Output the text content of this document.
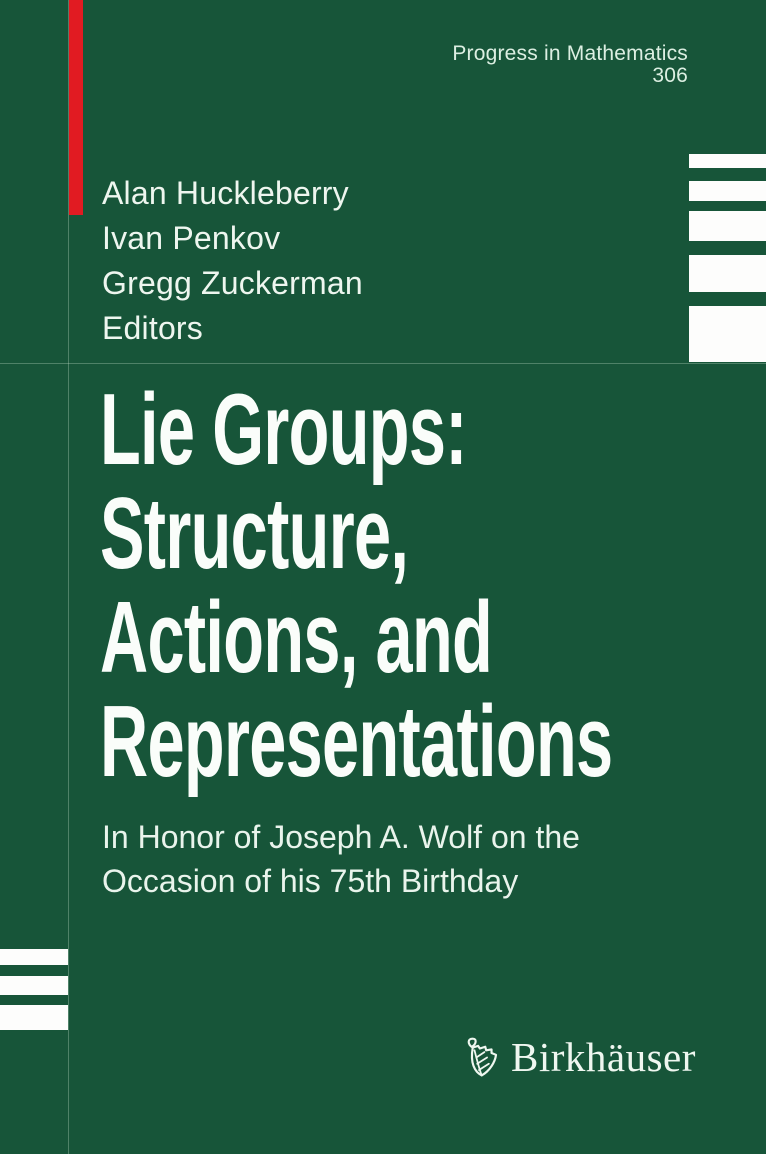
Progress in Mathematics
306
Alan Huckleberry
Ivan Penkov
Gregg Zuckerman
Editors
Lie Groups:
Structure,
Actions, and
Representations
In Honor of Joseph A. Wolf on the
Occasion of his 75th Birthday
Birkhäuser
